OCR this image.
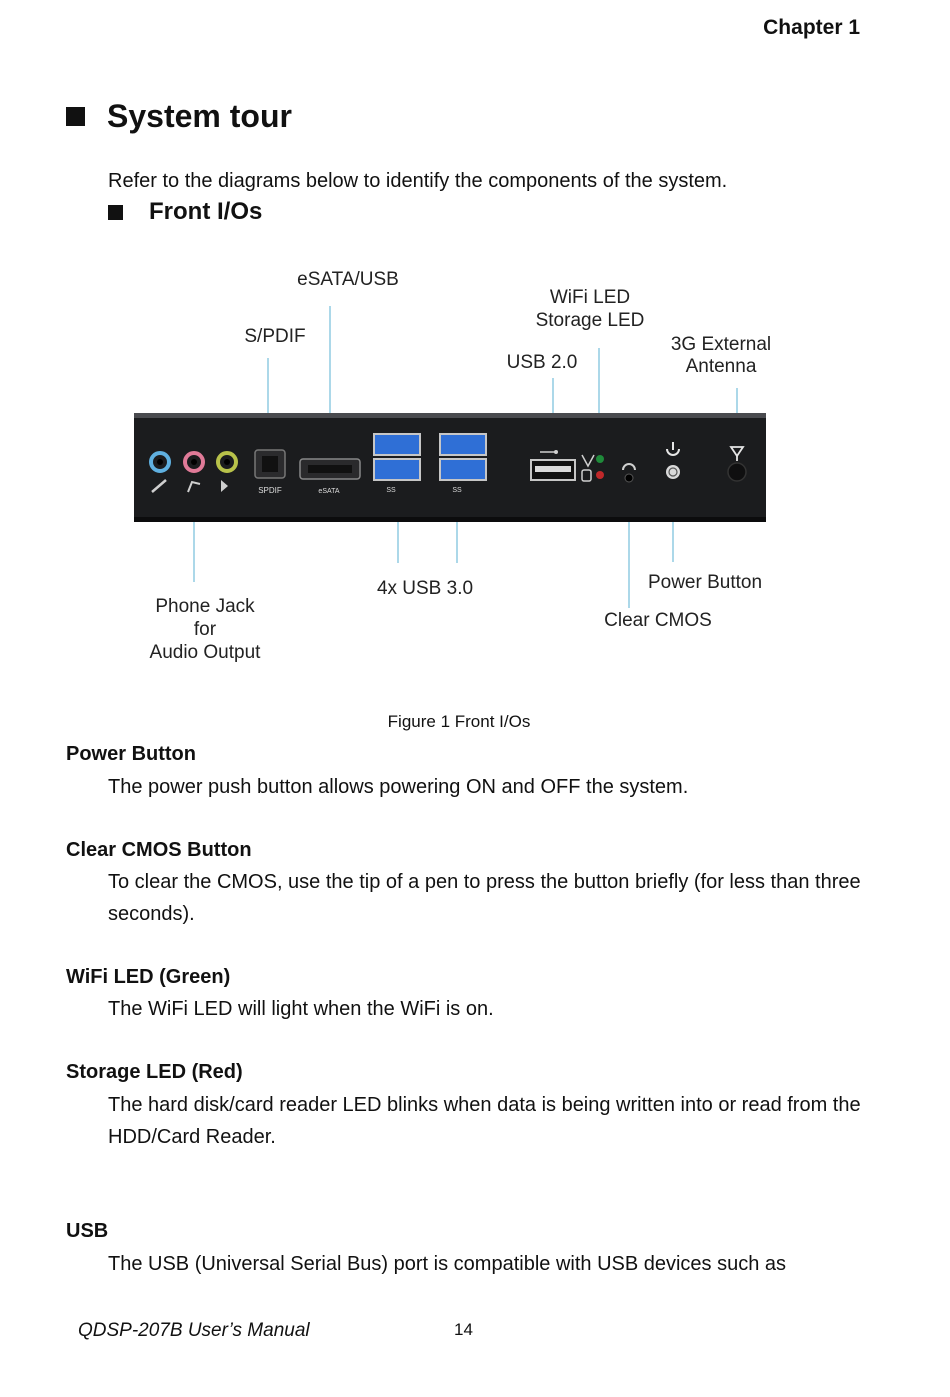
Chapter 1
System tour
Refer to the diagrams below to identify the components of the system.
Front I/Os
eSATA/USB
S/PDIF
WiFi LED
Storage LED
USB 2.0
3G External
Antenna
Phone Jack
for
Audio Output
4x USB 3.0	Power Button
Clear CMOS
SPDIF	eSATA	SS	SS
Figure 1 Front I/Os
Power Button
The power push button allows powering ON and OFF the system.
Clear CMOS Button
To clear the CMOS, use the tip of a pen to press the button briefly (for less than three seconds).
WiFi LED (Green)
The WiFi LED will light when the WiFi is on.
Storage LED (Red)
The hard disk/card reader LED blinks when data is being written into or read from the HDD/Card Reader.
USB
The USB (Universal Serial Bus) port is compatible with USB devices such as
QDSP-207B User’s Manual	14
